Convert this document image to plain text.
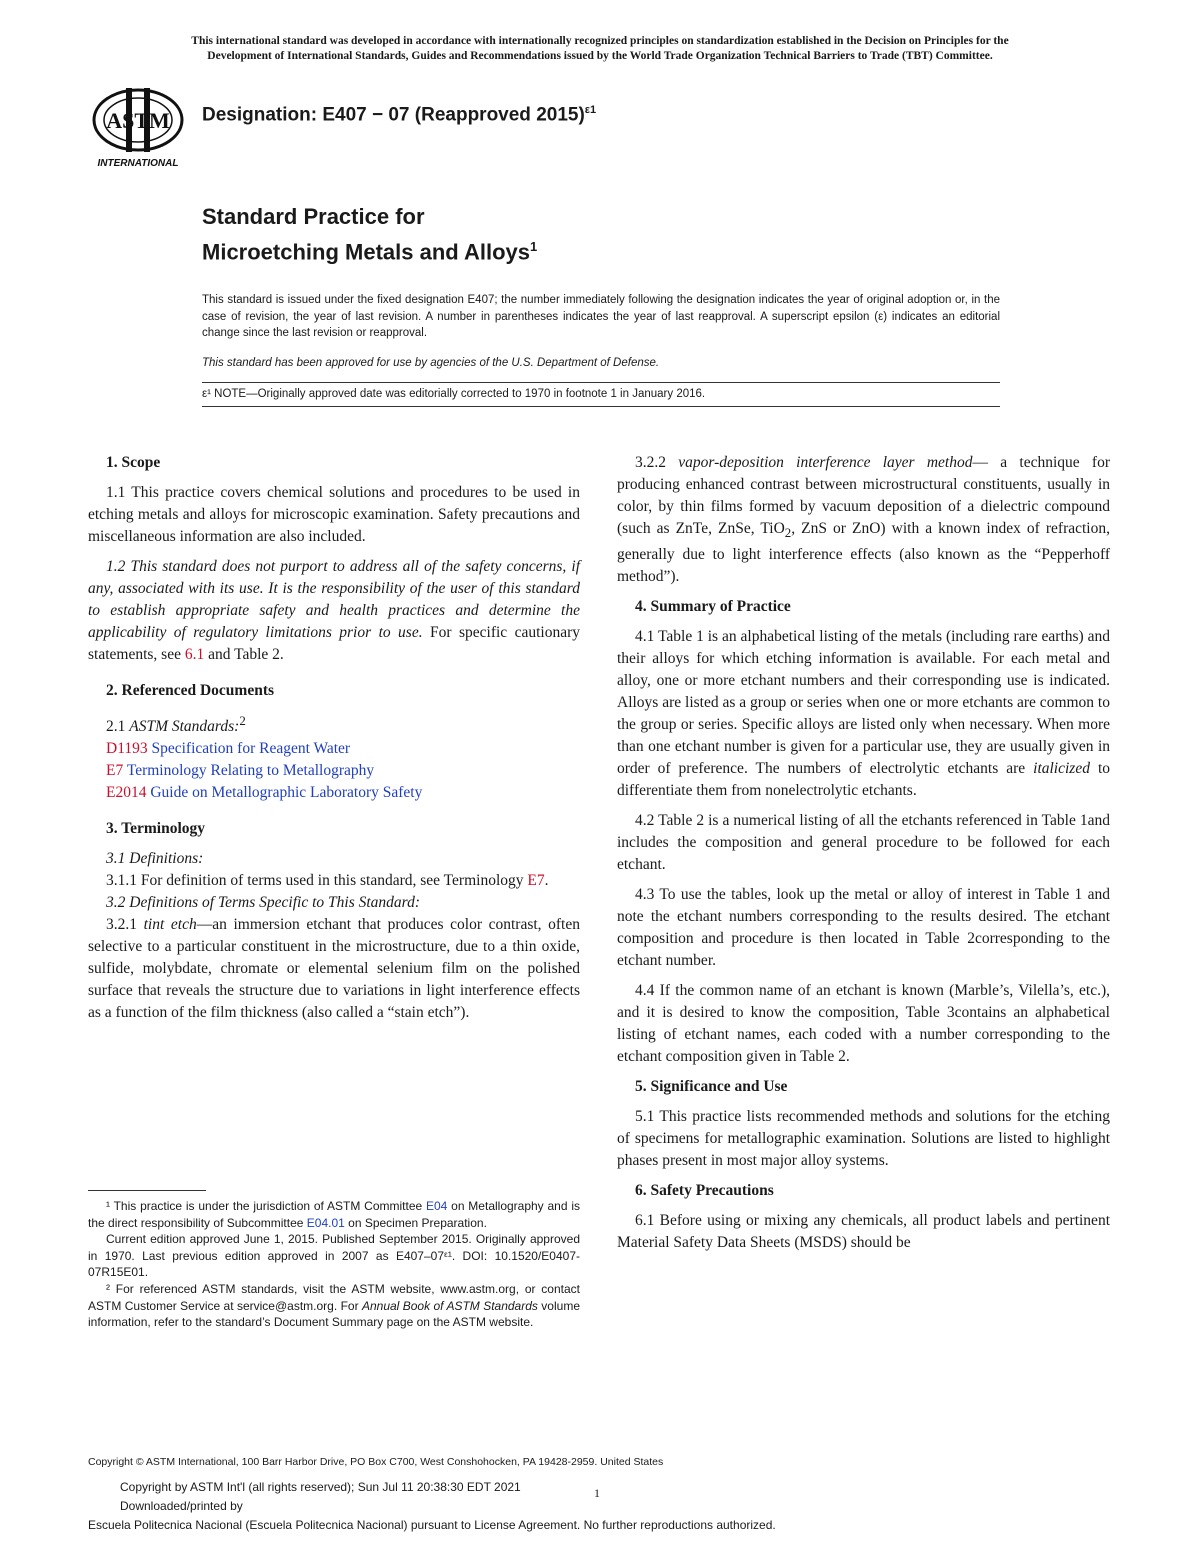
This international standard was developed in accordance with internationally recognized principles on standardization established in the Decision on Principles for the
Development of International Standards, Guides and Recommendations issued by the World Trade Organization Technical Barriers to Trade (TBT) Committee.
ASTM
INTERNATIONAL
Designation: E407 − 07 (Reapproved 2015)$^{\varepsilon 1}$
Standard Practice for
Microetching Metals and Alloys$^1$
This standard is issued under the fixed designation E407; the number immediately following the designation indicates the year of original adoption or, in the case of revision, the year of last revision. A number in parentheses indicates the year of last reapproval. A superscript epsilon (ε) indicates an editorial change since the last revision or reapproval.
This standard has been approved for use by agencies of the U.S. Department of Defense.
ε¹ NOTE—Originally approved date was editorially corrected to 1970 in footnote 1 in January 2016.

1. Scope

1.1 This practice covers chemical solutions and procedures to be used in etching metals and alloys for microscopic examination. Safety precautions and miscellaneous information are also included.

1.2 This standard does not purport to address all of the safety concerns, if any, associated with its use. It is the responsibility of the user of this standard to establish appropriate safety and health practices and determine the applicability of regulatory limitations prior to use. For specific cautionary statements, see 6.1 and Table 2.

2. Referenced Documents

2.1 ASTM Standards:$^2$

D1193 Specification for Reagent Water

E7 Terminology Relating to Metallography

E2014 Guide on Metallographic Laboratory Safety

3. Terminology

3.1 Definitions:

3.1.1 For definition of terms used in this standard, see Terminology E7.

3.2 Definitions of Terms Specific to This Standard:

3.2.1 tint etch—an immersion etchant that produces color contrast, often selective to a particular constituent in the microstructure, due to a thin oxide, sulfide, molybdate, chromate or elemental selenium film on the polished surface that reveals the structure due to variations in light interference effects as a function of the film thickness (also called a “stain etch”).

¹ This practice is under the jurisdiction of ASTM Committee E04 on Metallography and is the direct responsibility of Subcommittee E04.01 on Specimen Preparation.

Current edition approved June 1, 2015. Published September 2015. Originally approved in 1970. Last previous edition approved in 2007 as E407–07ᵋ¹. DOI: 10.1520/E0407-07R15E01.

² For referenced ASTM standards, visit the ASTM website, www.astm.org, or contact ASTM Customer Service at service@astm.org. For Annual Book of ASTM Standards volume information, refer to the standard’s Document Summary page on the ASTM website.

3.2.2 vapor-deposition interference layer method— a technique for producing enhanced contrast between microstructural constituents, usually in color, by thin films formed by vacuum deposition of a dielectric compound (such as ZnTe, ZnSe, TiO$_2$, ZnS or ZnO) with a known index of refraction, generally due to light interference effects (also known as the “Pepperhoff method”).

4. Summary of Practice

4.1 Table 1 is an alphabetical listing of the metals (including rare earths) and their alloys for which etching information is available. For each metal and alloy, one or more etchant numbers and their corresponding use is indicated. Alloys are listed as a group or series when one or more etchants are common to the group or series. Specific alloys are listed only when necessary. When more than one etchant number is given for a particular use, they are usually given in order of preference. The numbers of electrolytic etchants are italicized to differentiate them from nonelectrolytic etchants.

4.2 Table 2 is a numerical listing of all the etchants referenced in Table 1and includes the composition and general procedure to be followed for each etchant.

4.3 To use the tables, look up the metal or alloy of interest in Table 1 and note the etchant numbers corresponding to the results desired. The etchant composition and procedure is then located in Table 2corresponding to the etchant number.

4.4 If the common name of an etchant is known (Marble’s, Vilella’s, etc.), and it is desired to know the composition, Table 3contains an alphabetical listing of etchant names, each coded with a number corresponding to the etchant composition given in Table 2.

5. Significance and Use

5.1 This practice lists recommended methods and solutions for the etching of specimens for metallographic examination. Solutions are listed to highlight phases present in most major alloy systems.

6. Safety Precautions

6.1 Before using or mixing any chemicals, all product labels and pertinent Material Safety Data Sheets (MSDS) should be

Copyright © ASTM International, 100 Barr Harbor Drive, PO Box C700, West Conshohocken, PA 19428-2959. United States
Copyright by ASTM Int'l (all rights reserved); Sun Jul 11 20:38:30 EDT 2021
Downloaded/printed by
Escuela Politecnica Nacional (Escuela Politecnica Nacional) pursuant to License Agreement. No further reproductions authorized.
1
